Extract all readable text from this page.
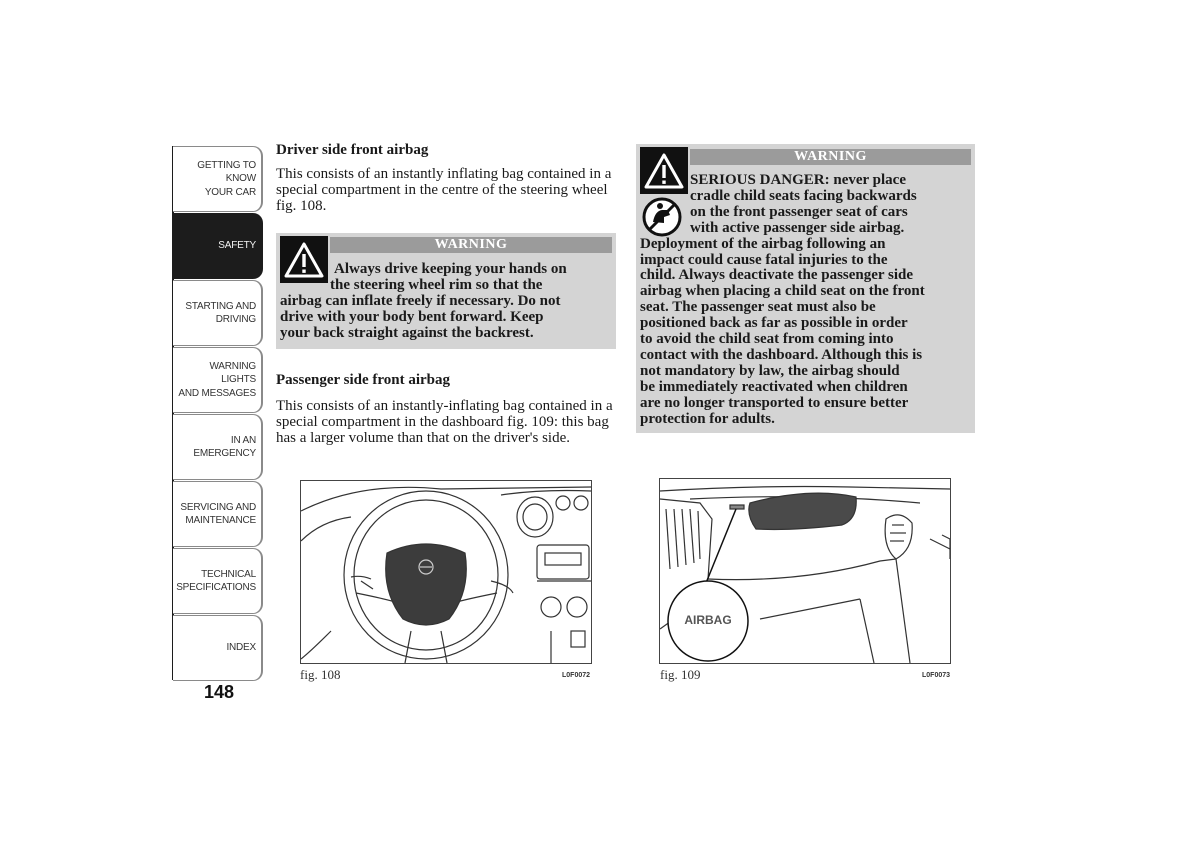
GETTING TO KNOW
YOUR CAR
SAFETY
STARTING AND
DRIVING
WARNING LIGHTS
AND MESSAGES
IN AN EMERGENCY
SERVICING AND
MAINTENANCE
TECHNICAL
SPECIFICATIONS
INDEX
148
Driver side front airbag

This consists of an instantly inflating bag contained in a special compartment in the centre of the steering wheel fig. 108.

WARNING
Always drive keeping your hands on
the steering wheel rim so that the
airbag can inflate freely if necessary. Do not
drive with your body bent forward. Keep
your back straight against the backrest.
Passenger side front airbag

This consists of an instantly-inflating bag contained in a special compartment in the dashboard fig. 109: this bag has a larger volume than that on the driver's side.

WARNING
SERIOUS DANGER: never place
cradle child seats facing backwards
on the front passenger seat of cars
with active passenger side airbag.
Deployment of the airbag following an
impact could cause fatal injuries to the
child. Always deactivate the passenger side
airbag when placing a child seat on the front
seat. The passenger seat must also be
positioned back as far as possible in order
to avoid the child seat from coming into
contact with the dashboard. Although this is
not mandatory by law, the airbag should
be immediately reactivated when children
are no longer transported to ensure better
protection for adults.
fig. 108	L0F0072
AIRBAG
fig. 109	L0F0073
